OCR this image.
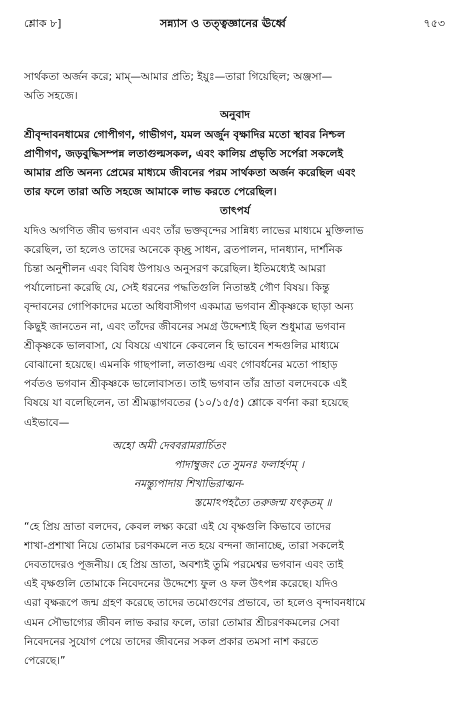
শ্লোক ৮]	সন্ন্যাস ও তত্ত্বজ্ঞানের ঊর্ধ্বে	৭৫৩
সার্থকতা অর্জন করে; মাম্‌—আমার প্রতি; ইয়ুঃ—তারা গিয়েছিল; অঞ্জসা—
অতি সহজে।
অনুবাদ
শ্রীবৃন্দাবনধামের গোপীগণ, গাভীগণ, যমল অর্জুন বৃক্ষাদির মতো স্থাবর নিশ্চল
প্রাণীগণ, জড়বুদ্ধিসম্পন্ন লতাগুল্মসকল, এবং কালিয় প্রভৃতি সর্পেরা সকলেই
আমার প্রতি অনন্য প্রেমের মাধ্যমে জীবনের পরম সার্থকতা অর্জন করেছিল এবং
তার ফলে তারা অতি সহজে আমাকে লাভ করতে পেরেছিল।
তাৎপর্য
যদিও অগণিত জীব ভগবান এবং তাঁর ভক্তবৃন্দের সান্নিধ্য লাভের মাধ্যমে মুক্তিলাভ
করেছিল, তা হলেও তাদের অনেকে কৃচ্ছ্র সাধন, ব্রতপালন, দানধ্যান, দার্শনিক
চিন্তা অনুশীলন এবং বিবিধ উপায়ও অনুসরণ করেছিল। ইতিমধ্যেই আমরা
পর্যালোচনা করেছি যে, সেই ধরনের পদ্ধতিগুলি নিতান্তই গৌণ বিষয়। কিন্তু
বৃন্দাবনের গোপিকাদের মতো অধিবাসীগণ একমাত্র ভগবান শ্রীকৃষ্ণকে ছাড়া অন্য
কিছুই জানতেন না, এবং তাঁদের জীবনের সমগ্র উদ্দেশ্যই ছিল শুধুমাত্র ভগবান
শ্রীকৃষ্ণকে ভালবাসা, যে বিষয়ে এখানে কেবলেন হি ভাবেন শব্দগুলির মাধ্যমে
বোঝানো হয়েছে। এমনকি গাছপালা, লতাগুল্ম এবং গোবর্ধনের মতো পাহাড়
পর্বতও ভগবান শ্রীকৃষ্ণকে ভালোবাসত। তাই ভগবান তাঁর ভ্রাতা বলদেবকে এই
বিষয়ে যা বলেছিলেন, তা শ্রীমদ্ভাগবতের (১০/১৫/৫) শ্লোকে বর্ণনা করা হয়েছে
এইভাবে—
অহো অমী দেববরামরার্চিতং
পাদাম্বুজং তে সুমনঃ ফলার্হণম্‌ ।
নমন্ত্যুপাদায় শিখাভিরাত্মন-
স্তমোঽপহত্যৈ তরুজন্ম যৎকৃতম্‌ ॥
“হে প্রিয় ভ্রাতা বলদেব, কেবল লক্ষ্য করো এই যে বৃক্ষগুলি কিভাবে তাদের
শাখা-প্রশাখা নিয়ে তোমার চরণকমলে নত হয়ে বন্দনা জানাচ্ছে, তারা সকলেই
দেবতাদেরও পূজনীয়। হে প্রিয় ভ্রাতা, অবশ্যই তুমি পরমেশ্বর ভগবান এবং তাই
এই বৃক্ষগুলি তোমাকে নিবেদনের উদ্দেশ্যে ফুল ও ফল উৎপন্ন করেছে। যদিও
এরা বৃক্ষরূপে জন্ম গ্রহণ করেছে তাদের তমোগুণের প্রভাবে, তা হলেও বৃন্দাবনধামে
এমন সৌভাগ্যের জীবন লাভ করার ফলে, তারা তোমার শ্রীচরণকমলের সেবা
নিবেদনের সুযোগ পেয়ে তাদের জীবনের সকল প্রকার তমসা নাশ করতে
পেরেছে।”
